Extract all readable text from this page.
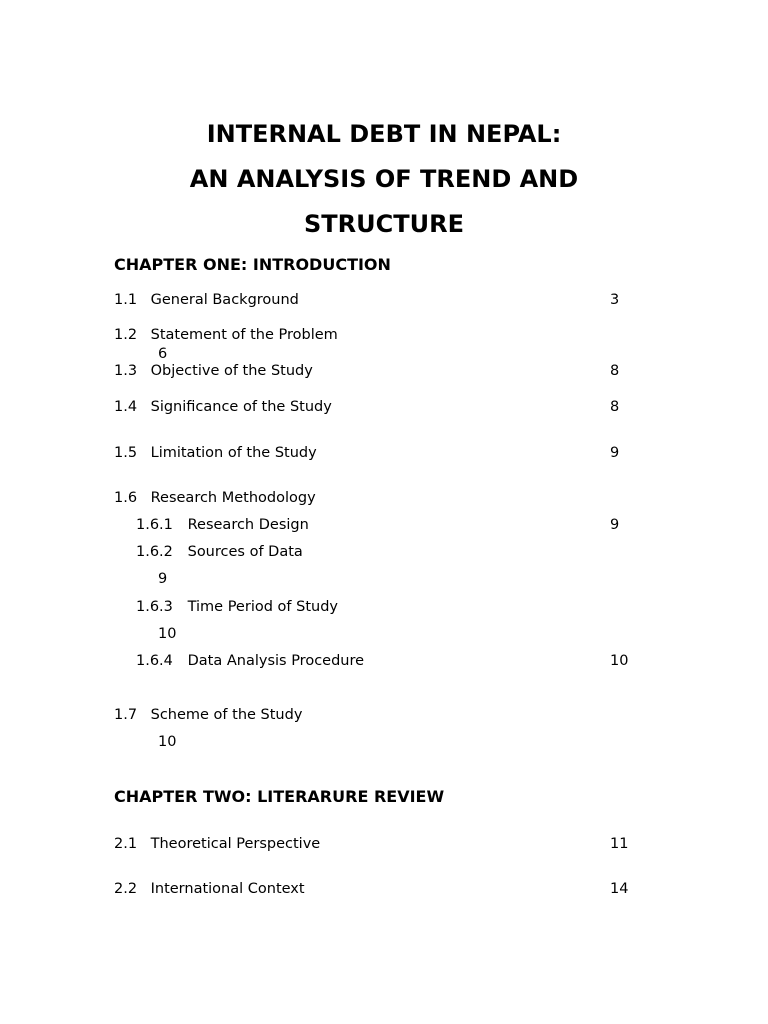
INTERNAL DEBT IN NEPAL:
AN ANALYSIS OF TREND AND
STRUCTURE
CHAPTER ONE: INTRODUCTION
1.1 General Background	3
1.2 Statement of the Problem
6
1.3 Objective of the Study	8
1.4 Significance of the Study	8
1.5 Limitation of the Study	9
1.6 Research Methodology
1.6.1 Research Design	9
1.6.2 Sources of Data
9
1.6.3 Time Period of Study
10
1.6.4 Data Analysis Procedure	10
1.7 Scheme of the Study
10
CHAPTER TWO: LITERARURE REVIEW
2.1 Theoretical Perspective	11
2.2 International Context	14
